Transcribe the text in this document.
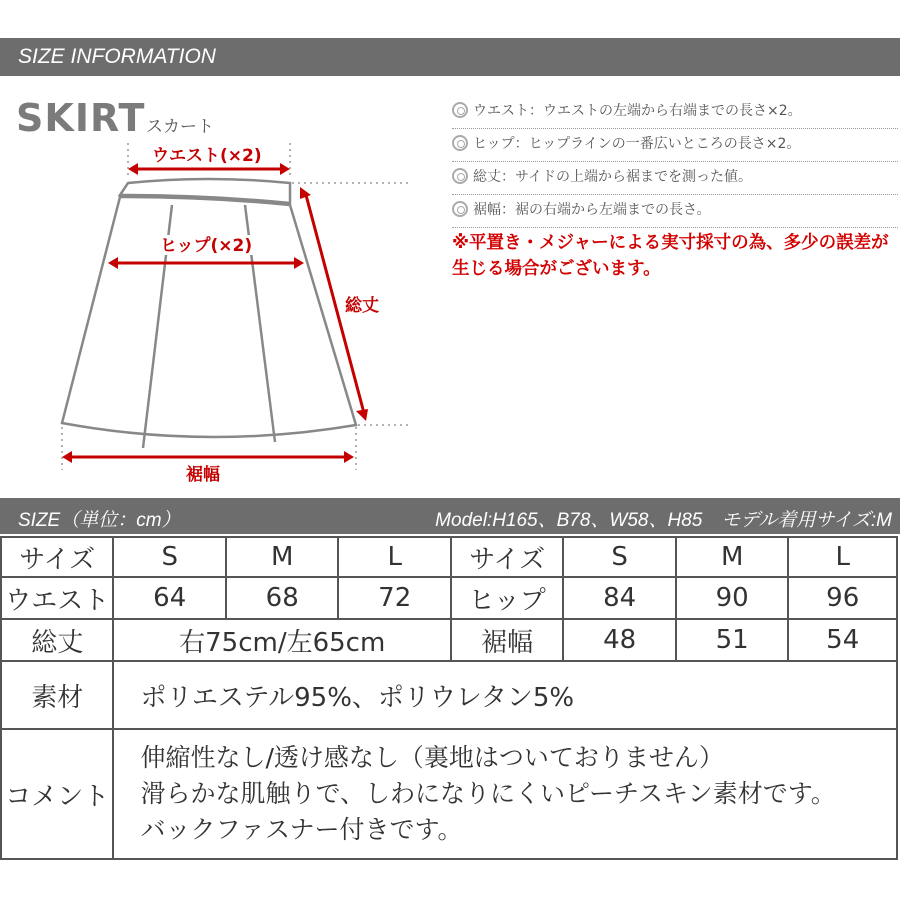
SIZE INFORMATION
SKIRT スカート
ウエスト(×2)
ヒップ(×2)
総丈
裾幅
ウエスト：ウエストの左端から右端までの長さ×2。
ヒップ：ヒップラインの一番広いところの長さ×2。
総丈：サイドの上端から裾までを測った値。
裾幅：裾の右端から左端までの長さ。
※平置き・メジャーによる実寸採寸の為、多少の誤差が生じる場合がございます。
SIZE（単位：cm）	Model:H165、B78、W58、H85　モデル着用サイズ:M
サイズ	S	M	L	サイズ	S	M	L
ウエスト	64	68	72	ヒップ	84	90	96
総丈	右75cm/左65cm			裾幅	48	51	54
素材	ポリエステル95%、ポリウレタン5%						
コメント	伸縮性なし/透け感なし（裏地はついておりません）
滑らかな肌触りで、しわになりにくいピーチスキン素材です。
バックファスナー付きです。						
